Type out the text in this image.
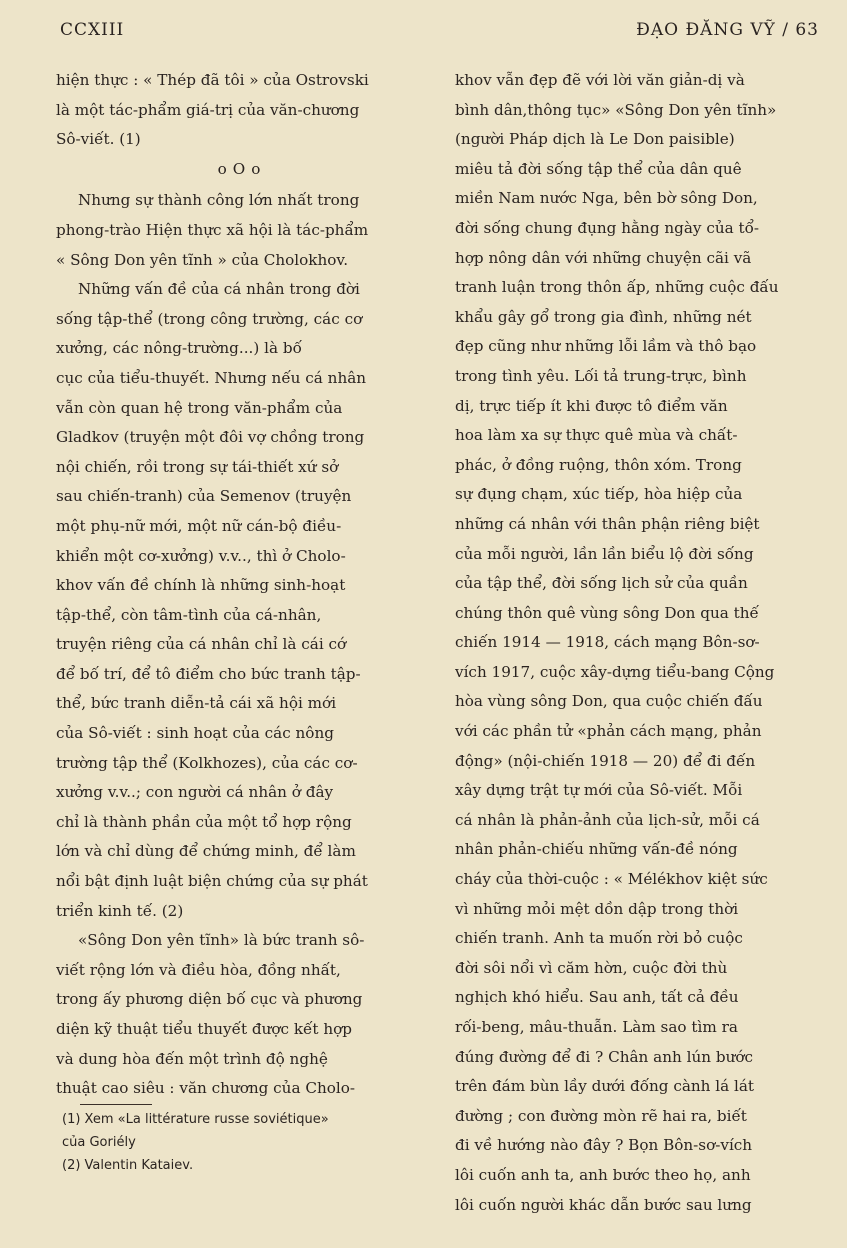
CCXIII	ĐẠO ĐĂNG VỸ / 63
hiện thực : « Thép đã tôi » của Ostrovski
là một tác-phẩm giá-trị của văn-chương
Sô-viết. (1)
oOo
Nhưng sự thành công lớn nhất trong
phong-trào Hiện thực xã hội là tác-phẩm
« Sông Don yên tĩnh » của Cholokhov.
Những vấn đề của cá nhân trong đời
sống tập-thể (trong công trường, các cơ
xưởng, các nông-trường...) là bố
cục của tiểu-thuyết. Nhưng nếu cá nhân
vẫn còn quan hệ trong văn-phẩm của
Gladkov (truyện một đôi vợ chồng trong
nội chiến, rồi trong sự tái-thiết xứ sở
sau chiến-tranh) của Semenov (truyện
một phụ-nữ mới, một nữ cán-bộ điều-
khiển một cơ-xưởng) v.v.., thì ở Cholo-
khov vấn đề chính là những sinh-hoạt
tập-thể, còn tâm-tình của cá-nhân,
truyện riêng của cá nhân chỉ là cái cớ
để bố trí, để tô điểm cho bức tranh tập-
thể, bức tranh diễn-tả cái xã hội mới
của Sô-viết : sinh hoạt của các nông
trường tập thể (Kolkhozes), của các cơ-
xưởng v.v..; con người cá nhân ở đây
chỉ là thành phần của một tổ hợp rộng
lớn và chỉ dùng để chứng minh, để làm
nổi bật định luật biện chứng của sự phát
triển kinh tế. (2)
«Sông Don yên tĩnh» là bức tranh sô-
viết rộng lớn và điều hòa, đồng nhất,
trong ấy phương diện bố cục và phương
diện kỹ thuật tiểu thuyết được kết hợp
và dung hòa đến một trình độ nghệ
thuật cao siêu : văn chương của Cholo-
khov vẫn đẹp đẽ với lời văn giản-dị và
bình dân,thông tục» «Sông Don yên tĩnh»
(người Pháp dịch là Le Don paisible)
miêu tả đời sống tập thể của dân quê
miền Nam nước Nga, bên bờ sông Don,
đời sống chung đụng hằng ngày của tổ-
hợp nông dân với những chuyện cãi vã
tranh luận trong thôn ấp, những cuộc đấu
khẩu gây gổ trong gia đình, những nét
đẹp cũng như những lỗi lầm và thô bạo
trong tình yêu. Lối tả trung-trực, bình
dị, trực tiếp ít khi được tô điểm văn
hoa làm xa sự thực quê mùa và chất-
phác, ở đồng ruộng, thôn xóm. Trong
sự đụng chạm, xúc tiếp, hòa hiệp của
những cá nhân với thân phận riêng biệt
của mỗi người, lần lần biểu lộ đời sống
của tập thể, đời sống lịch sử của quần
chúng thôn quê vùng sông Don qua thế
chiến 1914 — 1918, cách mạng Bôn-sơ-
vích 1917, cuộc xây-dựng tiểu-bang Cộng
hòa vùng sông Don, qua cuộc chiến đấu
với các phần tử «phản cách mạng, phản
động» (nội-chiến 1918 — 20) để đi đến
xây dựng trật tự mới của Sô-viết. Mỗi
cá nhân là phản-ảnh của lịch-sử, mỗi cá
nhân phản-chiếu những vấn-đề nóng
cháy của thời-cuộc : « Mélékhov kiệt sức
vì những mỏi mệt dồn dập trong thời
chiến tranh. Anh ta muốn rời bỏ cuộc
đời sôi nổi vì căm hờn, cuộc đời thù
nghịch khó hiểu. Sau anh, tất cả đều
rối-beng, mâu-thuẫn. Làm sao tìm ra
đúng đường để đi ? Chân anh lún bước
trên đám bùn lầy dưới đống cành lá lát
đường ; con đường mòn rẽ hai ra, biết
đi về hướng nào đây ? Bọn Bôn-sơ-vích
lôi cuốn anh ta, anh bước theo họ, anh
lôi cuốn người khác dẫn bước sau lưng
(1) Xem «La littérature russe soviétique»
của Goriély
(2) Valentin Kataiev.
